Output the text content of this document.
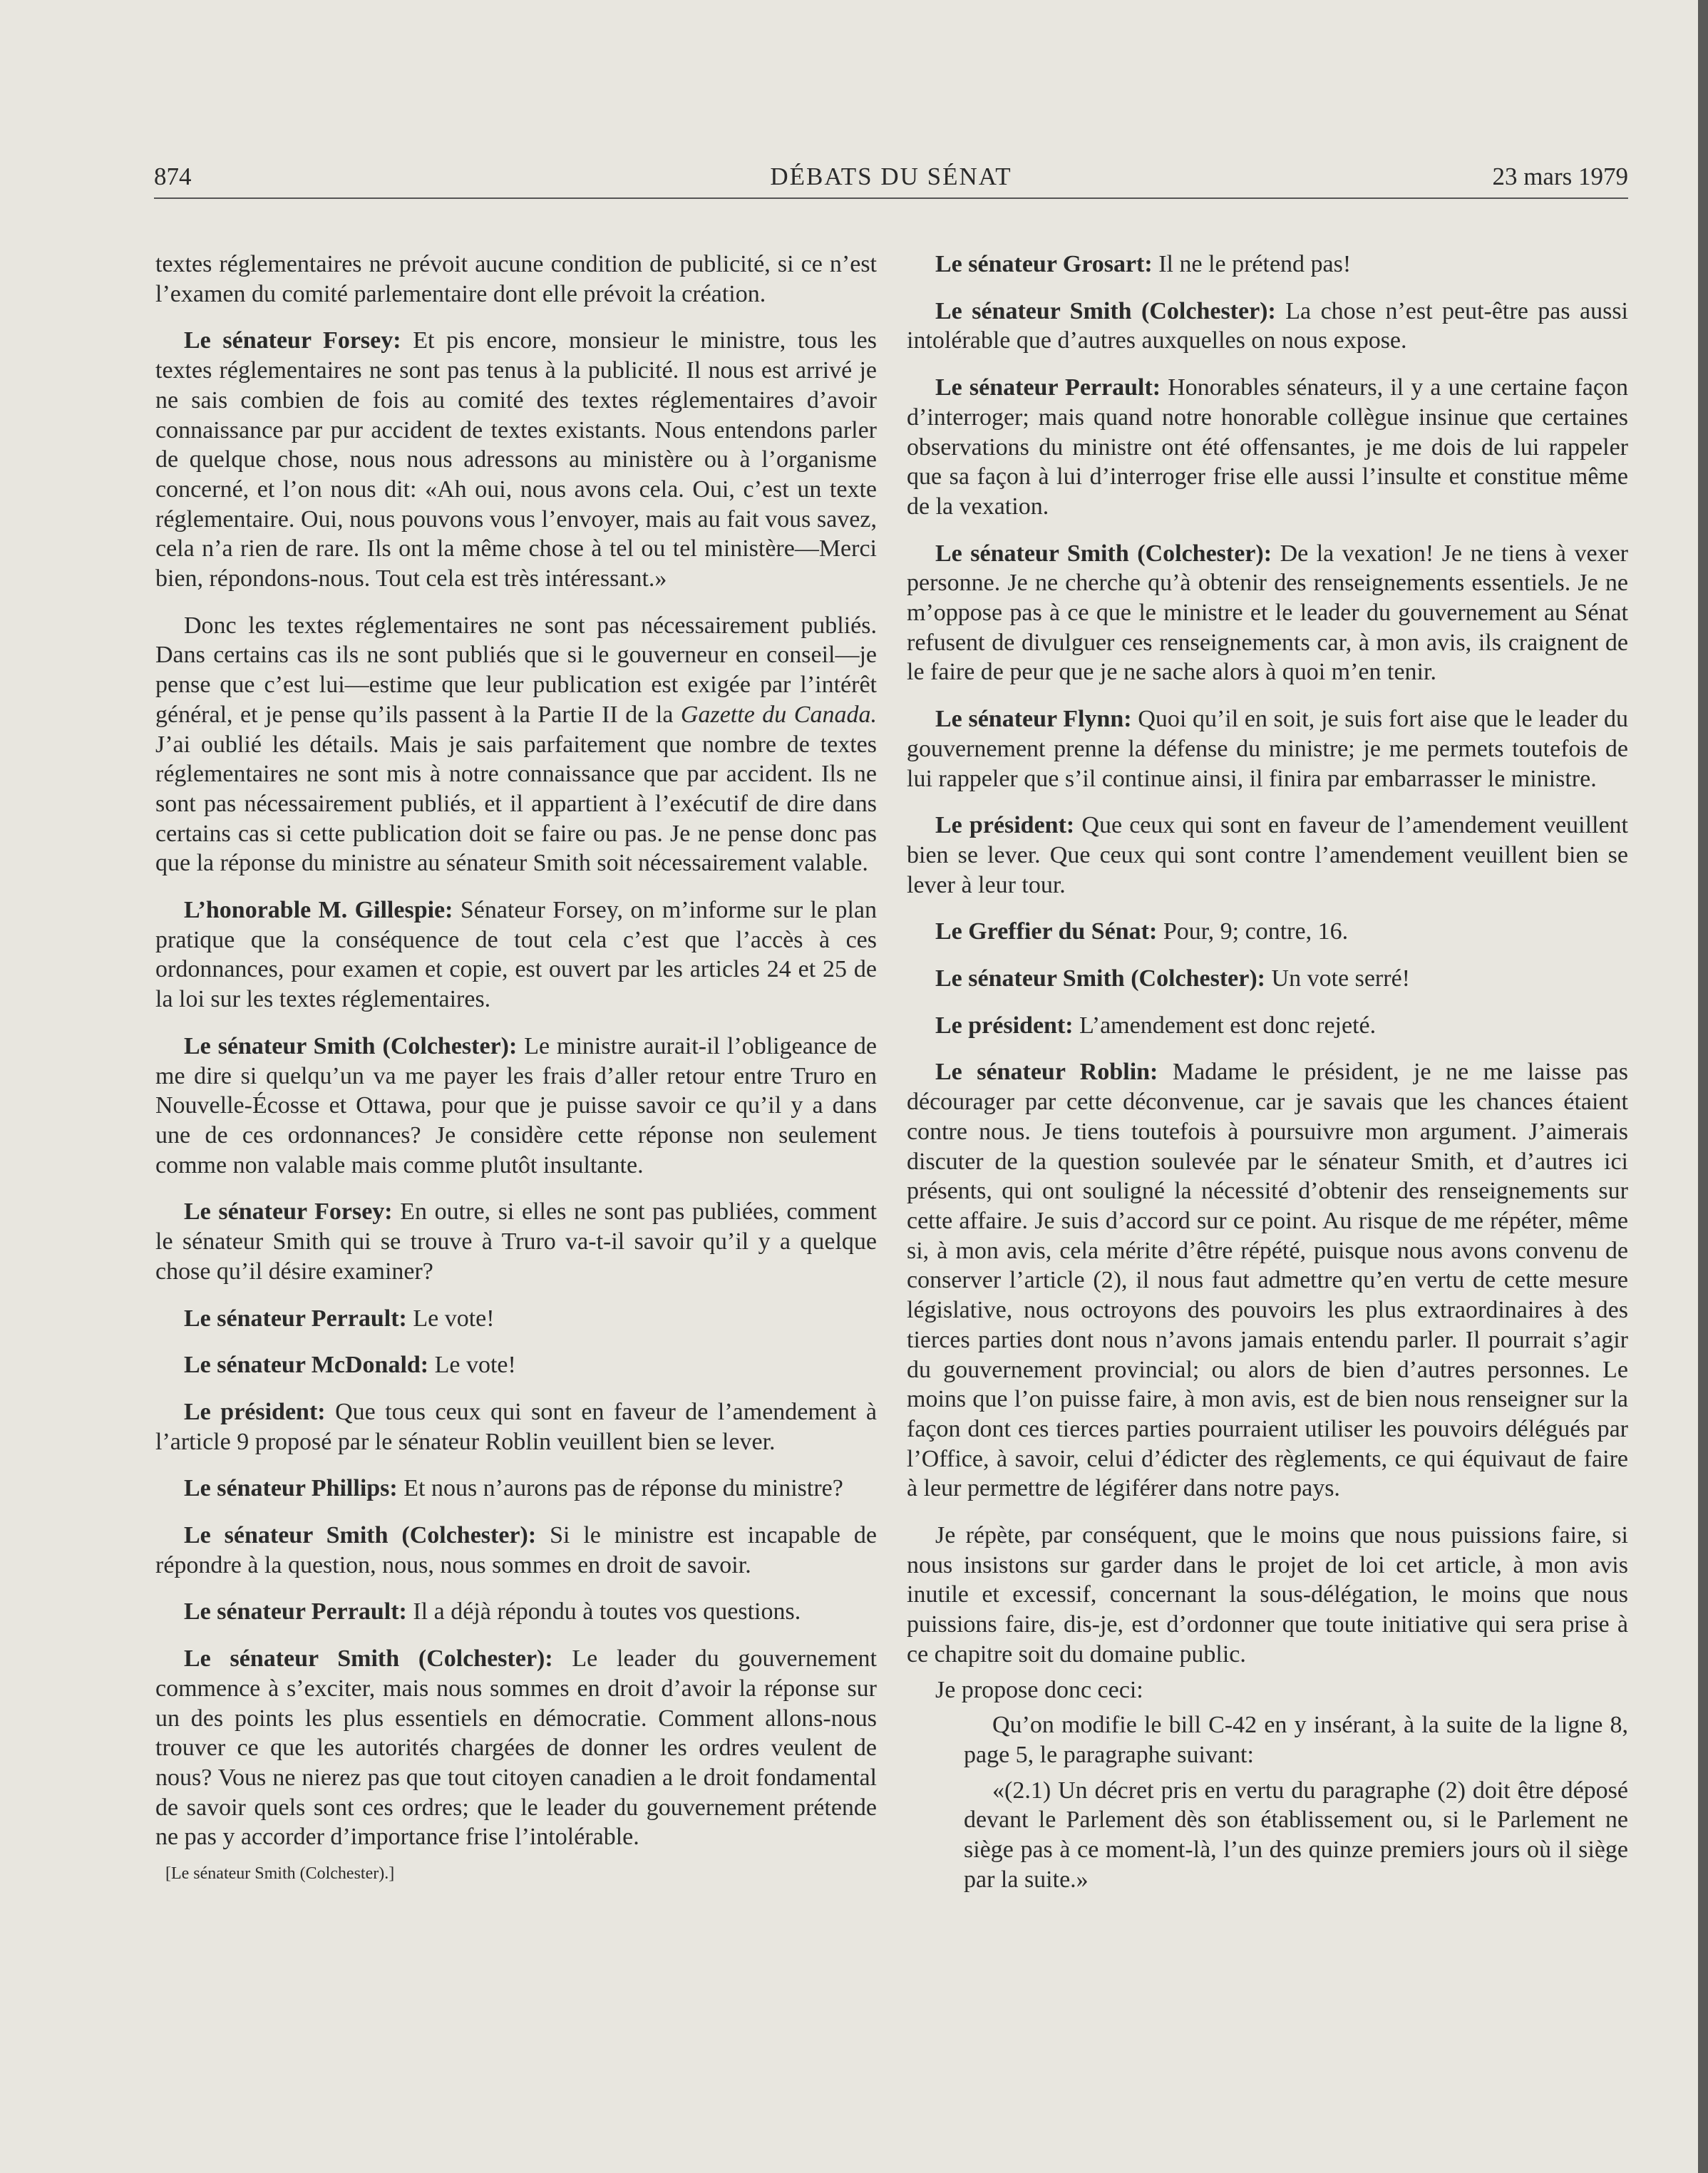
874	DÉBATS DU SÉNAT	23 mars 1979

textes réglementaires ne prévoit aucune condition de publicité, si ce n’est l’examen du comité parlementaire dont elle prévoit la création.

Le sénateur Forsey: Et pis encore, monsieur le ministre, tous les textes réglementaires ne sont pas tenus à la publicité. Il nous est arrivé je ne sais combien de fois au comité des textes réglementaires d’avoir connaissance par pur accident de textes existants. Nous entendons parler de quelque chose, nous nous adressons au ministère ou à l’organisme concerné, et l’on nous dit: «Ah oui, nous avons cela. Oui, c’est un texte réglementaire. Oui, nous pouvons vous l’envoyer, mais au fait vous savez, cela n’a rien de rare. Ils ont la même chose à tel ou tel ministère—Merci bien, répondons-nous. Tout cela est très intéressant.»

Donc les textes réglementaires ne sont pas nécessairement publiés. Dans certains cas ils ne sont publiés que si le gouverneur en conseil—je pense que c’est lui—estime que leur publication est exigée par l’intérêt général, et je pense qu’ils passent à la Partie II de la Gazette du Canada. J’ai oublié les détails. Mais je sais parfaitement que nombre de textes réglementaires ne sont mis à notre connaissance que par accident. Ils ne sont pas nécessairement publiés, et il appartient à l’exécutif de dire dans certains cas si cette publication doit se faire ou pas. Je ne pense donc pas que la réponse du ministre au sénateur Smith soit nécessairement valable.

L’honorable M. Gillespie: Sénateur Forsey, on m’informe sur le plan pratique que la conséquence de tout cela c’est que l’accès à ces ordonnances, pour examen et copie, est ouvert par les articles 24 et 25 de la loi sur les textes réglementaires.

Le sénateur Smith (Colchester): Le ministre aurait-il l’obligeance de me dire si quelqu’un va me payer les frais d’aller retour entre Truro en Nouvelle-Écosse et Ottawa, pour que je puisse savoir ce qu’il y a dans une de ces ordonnances? Je considère cette réponse non seulement comme non valable mais comme plutôt insultante.

Le sénateur Forsey: En outre, si elles ne sont pas publiées, comment le sénateur Smith qui se trouve à Truro va-t-il savoir qu’il y a quelque chose qu’il désire examiner?

Le sénateur Perrault: Le vote!

Le sénateur McDonald: Le vote!

Le président: Que tous ceux qui sont en faveur de l’amendement à l’article 9 proposé par le sénateur Roblin veuillent bien se lever.

Le sénateur Phillips: Et nous n’aurons pas de réponse du ministre?

Le sénateur Smith (Colchester): Si le ministre est incapable de répondre à la question, nous, nous sommes en droit de savoir.

Le sénateur Perrault: Il a déjà répondu à toutes vos questions.

Le sénateur Smith (Colchester): Le leader du gouvernement commence à s’exciter, mais nous sommes en droit d’avoir la réponse sur un des points les plus essentiels en démocratie. Comment allons-nous trouver ce que les autorités chargées de donner les ordres veulent de nous? Vous ne nierez pas que tout citoyen canadien a le droit fondamental de savoir quels sont ces ordres; que le leader du gouvernement prétende ne pas y accorder d’importance frise l’intolérable.

[Le sénateur Smith (Colchester).]

Le sénateur Grosart: Il ne le prétend pas!

Le sénateur Smith (Colchester): La chose n’est peut-être pas aussi intolérable que d’autres auxquelles on nous expose.

Le sénateur Perrault: Honorables sénateurs, il y a une certaine façon d’interroger; mais quand notre honorable collègue insinue que certaines observations du ministre ont été offensantes, je me dois de lui rappeler que sa façon à lui d’interroger frise elle aussi l’insulte et constitue même de la vexation.

Le sénateur Smith (Colchester): De la vexation! Je ne tiens à vexer personne. Je ne cherche qu’à obtenir des renseignements essentiels. Je ne m’oppose pas à ce que le ministre et le leader du gouvernement au Sénat refusent de divulguer ces renseignements car, à mon avis, ils craignent de le faire de peur que je ne sache alors à quoi m’en tenir.

Le sénateur Flynn: Quoi qu’il en soit, je suis fort aise que le leader du gouvernement prenne la défense du ministre; je me permets toutefois de lui rappeler que s’il continue ainsi, il finira par embarrasser le ministre.

Le président: Que ceux qui sont en faveur de l’amendement veuillent bien se lever. Que ceux qui sont contre l’amendement veuillent bien se lever à leur tour.

Le Greffier du Sénat: Pour, 9; contre, 16.

Le sénateur Smith (Colchester): Un vote serré!

Le président: L’amendement est donc rejeté.

Le sénateur Roblin: Madame le président, je ne me laisse pas décourager par cette déconvenue, car je savais que les chances étaient contre nous. Je tiens toutefois à poursuivre mon argument. J’aimerais discuter de la question soulevée par le sénateur Smith, et d’autres ici présents, qui ont souligné la nécessité d’obtenir des renseignements sur cette affaire. Je suis d’accord sur ce point. Au risque de me répéter, même si, à mon avis, cela mérite d’être répété, puisque nous avons convenu de conserver l’article (2), il nous faut admettre qu’en vertu de cette mesure législative, nous octroyons des pouvoirs les plus extraordinaires à des tierces parties dont nous n’avons jamais entendu parler. Il pourrait s’agir du gouvernement provincial; ou alors de bien d’autres personnes. Le moins que l’on puisse faire, à mon avis, est de bien nous renseigner sur la façon dont ces tierces parties pourraient utiliser les pouvoirs délégués par l’Office, à savoir, celui d’édicter des règlements, ce qui équivaut de faire à leur permettre de légiférer dans notre pays.

Je répète, par conséquent, que le moins que nous puissions faire, si nous insistons sur garder dans le projet de loi cet article, à mon avis inutile et excessif, concernant la sous-délégation, le moins que nous puissions faire, dis-je, est d’ordonner que toute initiative qui sera prise à ce chapitre soit du domaine public.

Je propose donc ceci:

Qu’on modifie le bill C-42 en y insérant, à la suite de la ligne 8, page 5, le paragraphe suivant:

«(2.1) Un décret pris en vertu du paragraphe (2) doit être déposé devant le Parlement dès son établissement ou, si le Parlement ne siège pas à ce moment-là, l’un des quinze premiers jours où il siège par la suite.»
